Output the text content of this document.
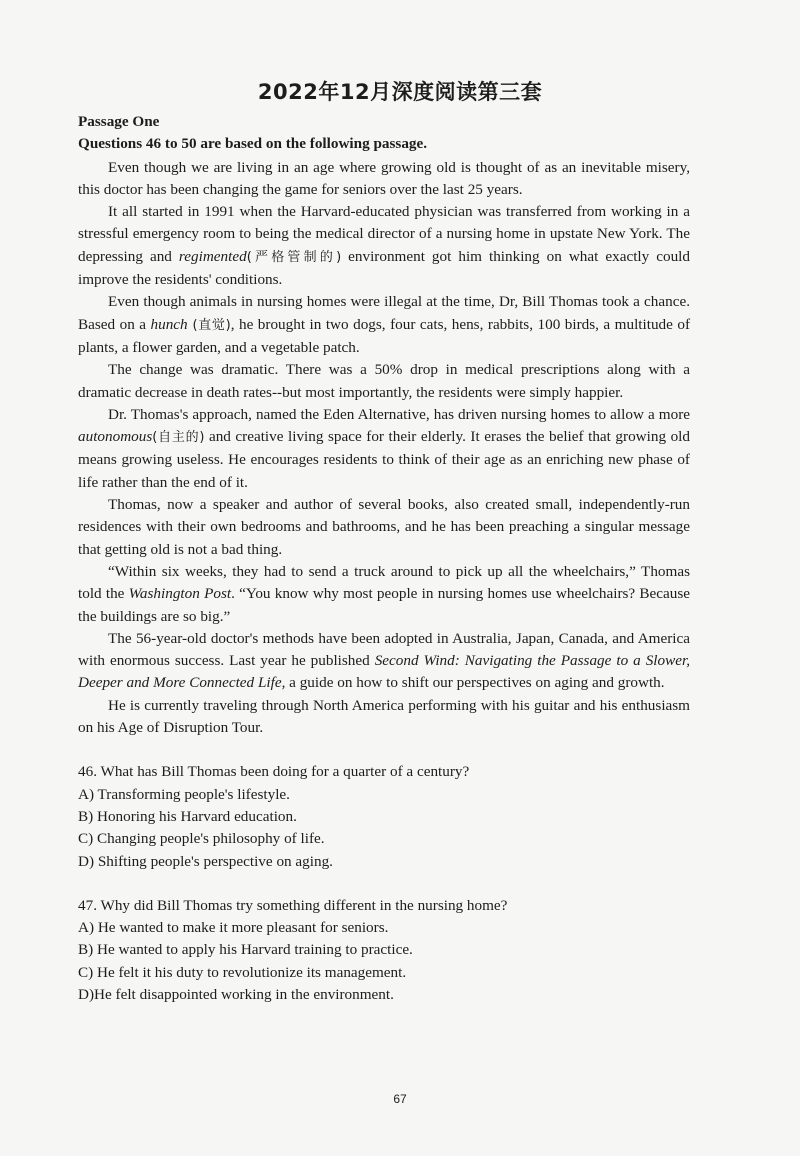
2022年12月深度阅读第三套

Passage One

Questions 46 to 50 are based on the following passage.

Even though we are living in an age where growing old is thought of as an inevitable misery, this doctor has been changing the game for seniors over the last 25 years.

It all started in 1991 when the Harvard-educated physician was transferred from working in a stressful emergency room to being the medical director of a nursing home in upstate New York. The depressing and regimented(严格管制的) environment got him thinking on what exactly could improve the residents' conditions.

Even though animals in nursing homes were illegal at the time, Dr, Bill Thomas took a chance. Based on a hunch (直觉), he brought in two dogs, four cats, hens, rabbits, 100 birds, a multitude of plants, a flower garden, and a vegetable patch.

The change was dramatic. There was a 50% drop in medical prescriptions along with a dramatic decrease in death rates--but most importantly, the residents were simply happier.

Dr. Thomas's approach, named the Eden Alternative, has driven nursing homes to allow a more autonomous(自主的) and creative living space for their elderly. It erases the belief that growing old means growing useless. He encourages residents to think of their age as an enriching new phase of life rather than the end of it.

Thomas, now a speaker and author of several books, also created small, independently-run residences with their own bedrooms and bathrooms, and he has been preaching a singular message that getting old is not a bad thing.

“Within six weeks, they had to send a truck around to pick up all the wheelchairs,” Thomas told the Washington Post. “You know why most people in nursing homes use wheelchairs? Because the buildings are so big.”

The 56-year-old doctor's methods have been adopted in Australia, Japan, Canada, and America with enormous success. Last year he published Second Wind: Navigating the Passage to a Slower, Deeper and More Connected Life, a guide on how to shift our perspectives on aging and growth.

He is currently traveling through North America performing with his guitar and his enthusiasm on his Age of Disruption Tour.

46. What has Bill Thomas been doing for a quarter of a century?

A) Transforming people's lifestyle.

B) Honoring his Harvard education.

C) Changing people's philosophy of life.

D) Shifting people's perspective on aging.

47. Why did Bill Thomas try something different in the nursing home?

A) He wanted to make it more pleasant for seniors.

B) He wanted to apply his Harvard training to practice.

C) He felt it his duty to revolutionize its management.

D)He felt disappointed working in the environment.

67
